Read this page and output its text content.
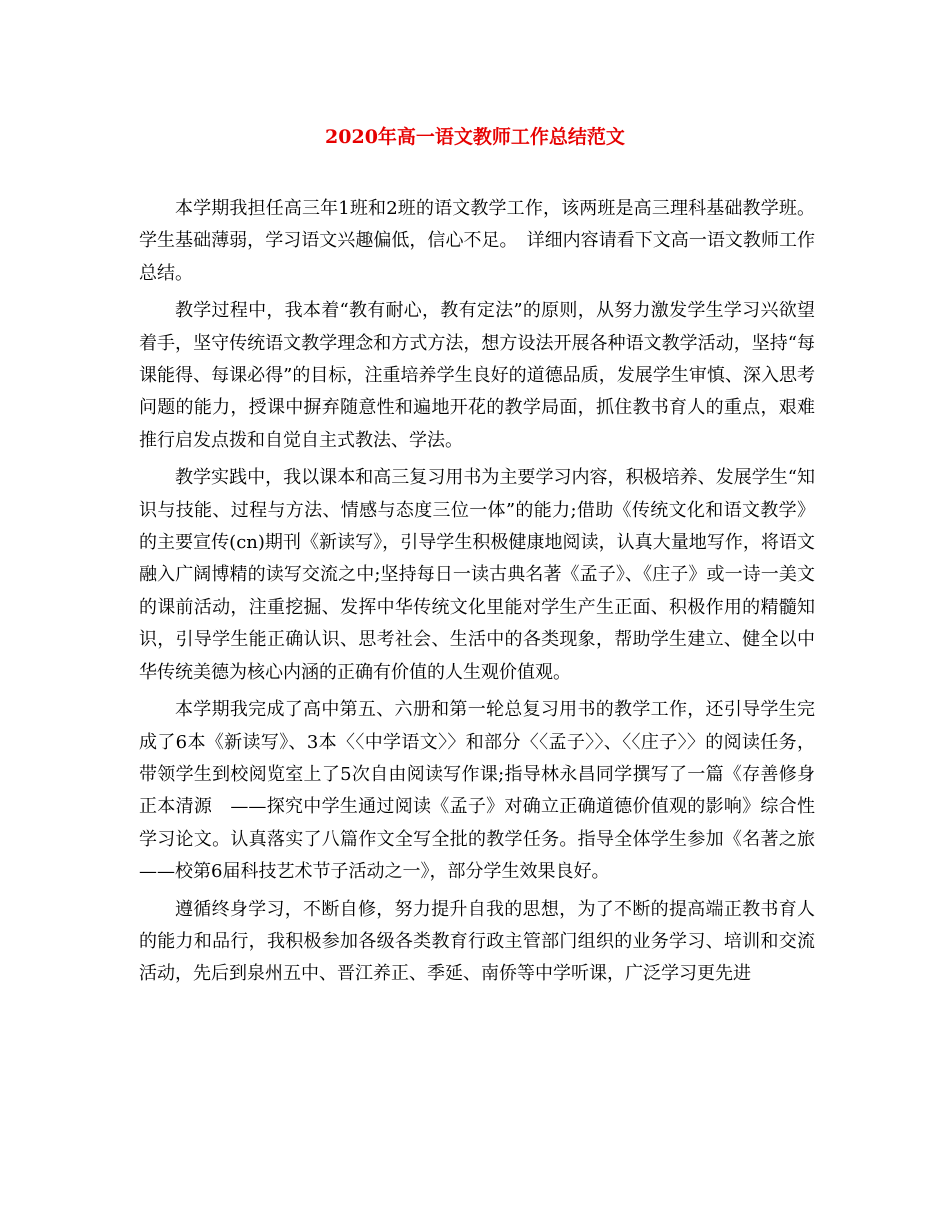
2020年高一语文教师工作总结范文

本学期我担任高三年1班和2班的语文教学工作，该两班是高三理科基础教学班。学生基础薄弱，学习语文兴趣偏低，信心不足。　详细内容请看下文高一语文教师工作总结。

教学过程中，我本着“教有耐心，教有定法”的原则，从努力激发学生学习兴欲望着手，坚守传统语文教学理念和方式方法，想方设法开展各种语文教学活动，坚持“每课能得、每课必得”的目标，注重培养学生良好的道德品质，发展学生审慎、深入思考问题的能力，授课中摒弃随意性和遍地开花的教学局面，抓住教书育人的重点，艰难推行启发点拨和自觉自主式教法、学法。

教学实践中，我以课本和高三复习用书为主要学习内容，积极培养、发展学生“知识与技能、过程与方法、情感与态度三位一体”的能力;借助《传统文化和语文教学》的主要宣传(cn)期刊《新读写》，引导学生积极健康地阅读，认真大量地写作，将语文融入广阔博精的读写交流之中;坚持每日一读古典名著《孟子》、《庄子》或一诗一美文的课前活动，注重挖掘、发挥中华传统文化里能对学生产生正面、积极作用的精髓知识，引导学生能正确认识、思考社会、生活中的各类现象，帮助学生建立、健全以中华传统美德为核心内涵的正确有价值的人生观价值观。

本学期我完成了高中第五、六册和第一轮总复习用书的教学工作，还引导学生完成了6本《新读写》、3本〈〈中学语文〉〉和部分〈〈孟子〉〉、〈〈庄子〉〉的阅读任务，带领学生到校阅览室上了5次自由阅读写作课;指导林永昌同学撰写了一篇《存善修身　正本清源　——探究中学生通过阅读《孟子》对确立正确道德价值观的影响》综合性学习论文。认真落实了八篇作文全写全批的教学任务。指导全体学生参加《名著之旅——校第6届科技艺术节子活动之一》，部分学生效果良好。

遵循终身学习，不断自修，努力提升自我的思想，为了不断的提高端正教书育人的能力和品行，我积极参加各级各类教育行政主管部门组织的业务学习、培训和交流活动，先后到泉州五中、晋江养正、季延、南侨等中学听课，广泛学习更先进
